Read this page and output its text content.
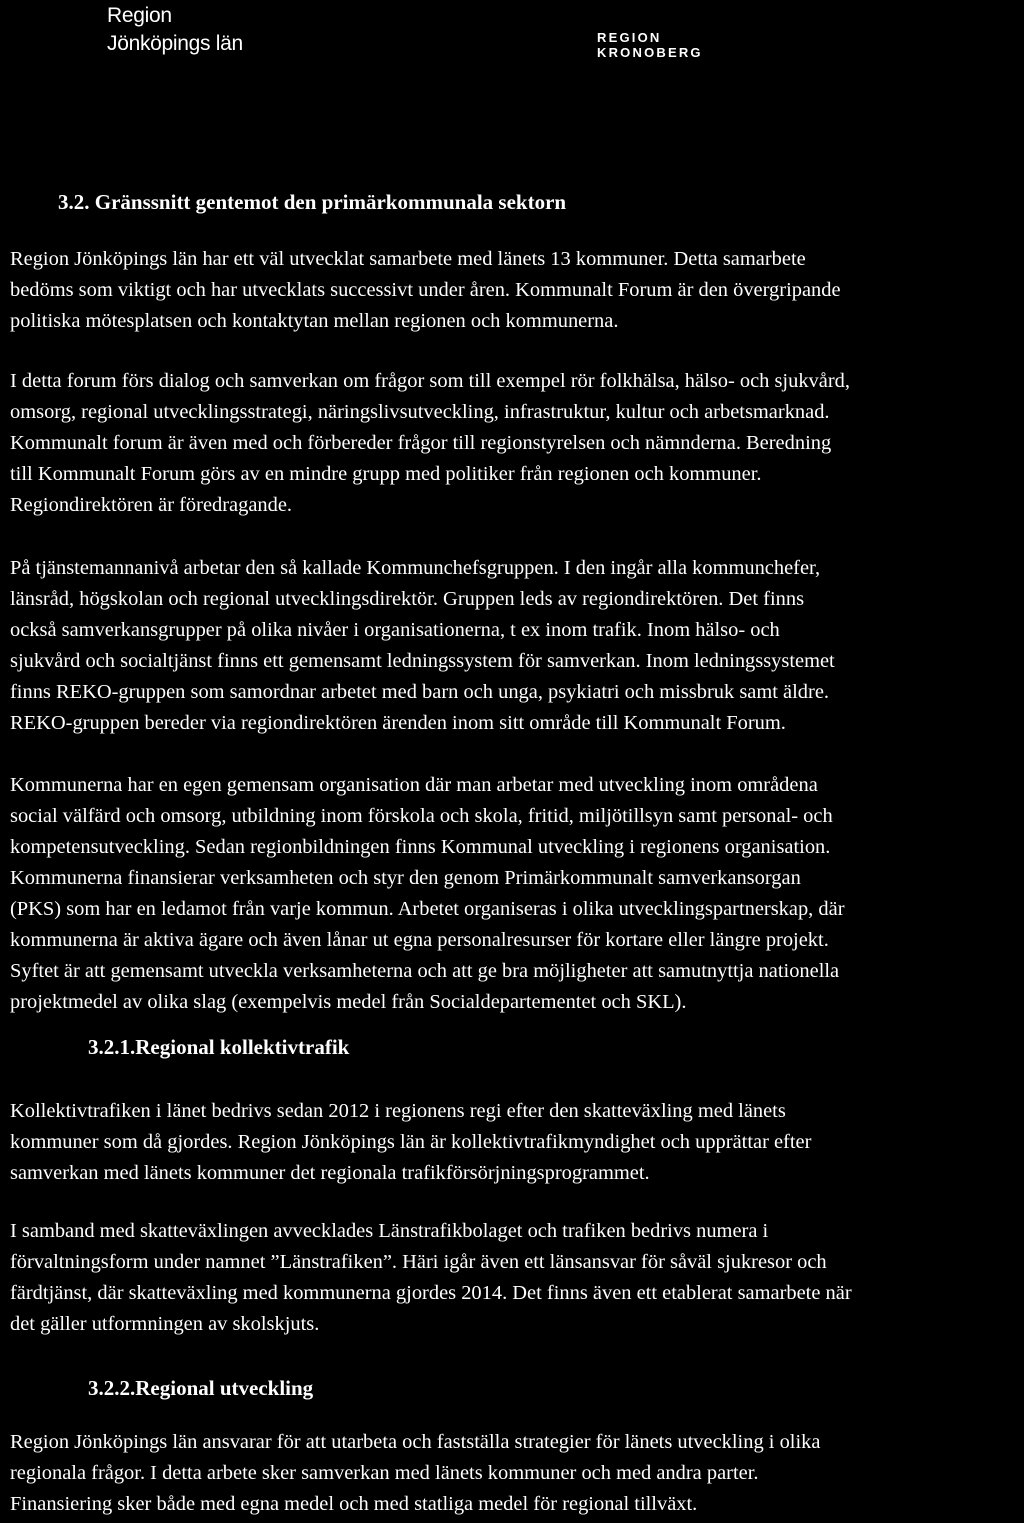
Region
Jönköpings län	REGION
KRONOBERG
3.2. Gränssnitt gentemot den primärkommunala sektorn
Region Jönköpings län har ett väl utvecklat samarbete med länets 13 kommuner. Detta samarbete
bedöms som viktigt och har utvecklats successivt under åren. Kommunalt Forum är den övergripande
politiska mötesplatsen och kontaktytan mellan regionen och kommunerna.
I detta forum förs dialog och samverkan om frågor som till exempel rör folkhälsa, hälso- och sjukvård,
omsorg, regional utvecklingsstrategi, näringslivsutveckling, infrastruktur, kultur och arbetsmarknad.
Kommunalt forum är även med och förbereder frågor till regionstyrelsen och nämnderna. Beredning
till Kommunalt Forum görs av en mindre grupp med politiker från regionen och kommuner.
Regiondirektören är föredragande.
På tjänstemannanivå arbetar den så kallade Kommunchefsgruppen. I den ingår alla kommunchefer,
länsråd, högskolan och regional utvecklingsdirektör. Gruppen leds av regiondirektören. Det finns
också samverkansgrupper på olika nivåer i organisationerna, t ex inom trafik. Inom hälso- och
sjukvård och socialtjänst finns ett gemensamt ledningssystem för samverkan. Inom ledningssystemet
finns REKO-gruppen som samordnar arbetet med barn och unga, psykiatri och missbruk samt äldre.
REKO-gruppen bereder via regiondirektören ärenden inom sitt område till Kommunalt Forum.
Kommunerna har en egen gemensam organisation där man arbetar med utveckling inom områdena
social välfärd och omsorg, utbildning inom förskola och skola, fritid, miljötillsyn samt personal- och
kompetensutveckling. Sedan regionbildningen finns Kommunal utveckling i regionens organisation.
Kommunerna finansierar verksamheten och styr den genom Primärkommunalt samverkansorgan
(PKS) som har en ledamot från varje kommun. Arbetet organiseras i olika utvecklingspartnerskap, där
kommunerna är aktiva ägare och även lånar ut egna personalresurser för kortare eller längre projekt.
Syftet är att gemensamt utveckla verksamheterna och att ge bra möjligheter att samutnyttja nationella
projektmedel av olika slag (exempelvis medel från Socialdepartementet och SKL).
3.2.1.Regional kollektivtrafik
Kollektivtrafiken i länet bedrivs sedan 2012 i regionens regi efter den skatteväxling med länets
kommuner som då gjordes. Region Jönköpings län är kollektivtrafikmyndighet och upprättar efter
samverkan med länets kommuner det regionala trafikförsörjningsprogrammet.
I samband med skatteväxlingen avvecklades Länstrafikbolaget och trafiken bedrivs numera i
förvaltningsform under namnet ”Länstrafiken”. Häri igår även ett länsansvar för såväl sjukresor och
färdtjänst, där skatteväxling med kommunerna gjordes 2014. Det finns även ett etablerat samarbete när
det gäller utformningen av skolskjuts.
3.2.2.Regional utveckling
Region Jönköpings län ansvarar för att utarbeta och fastställa strategier för länets utveckling i olika
regionala frågor. I detta arbete sker samverkan med länets kommuner och med andra parter.
Finansiering sker både med egna medel och med statliga medel för regional tillväxt.
